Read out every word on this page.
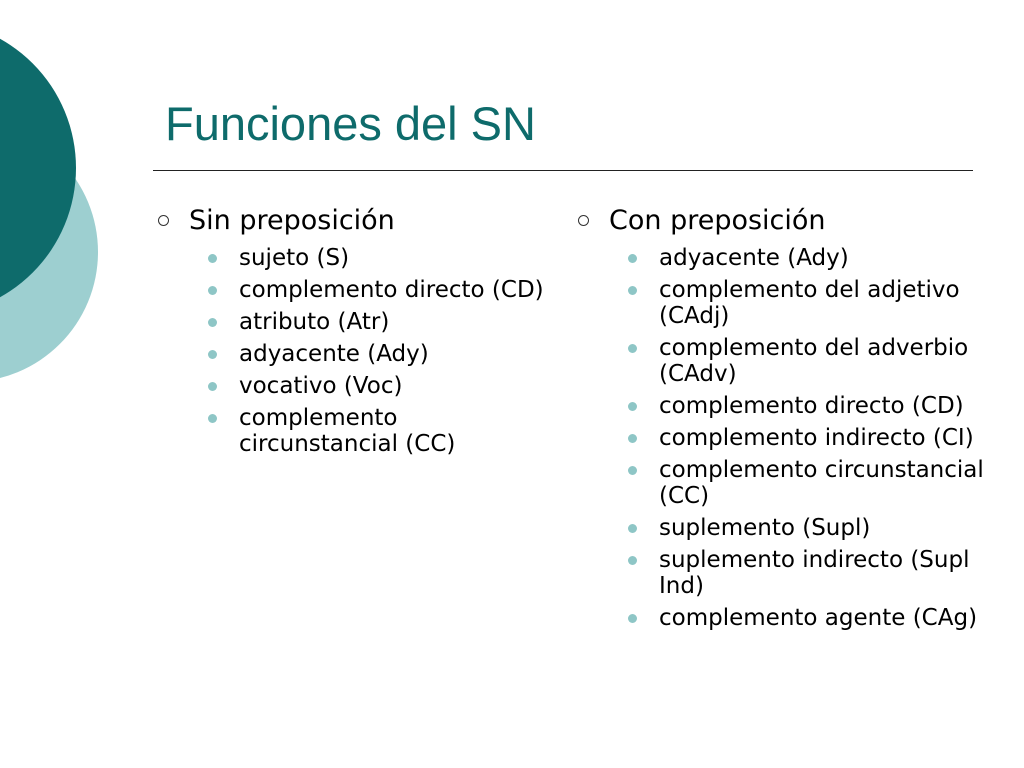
Funciones del SN
Sin preposición
sujeto (S)
complemento directo (CD)
atributo (Atr)
adyacente (Ady)
vocativo (Voc)
complemento circunstancial (CC)
Con preposición
adyacente (Ady)
complemento del adjetivo (CAdj)
complemento del adverbio (CAdv)
complemento directo (CD)
complemento indirecto (CI)
complemento circunstancial (CC)
suplemento (Supl)
suplemento indirecto (Supl Ind)
complemento agente (CAg)
